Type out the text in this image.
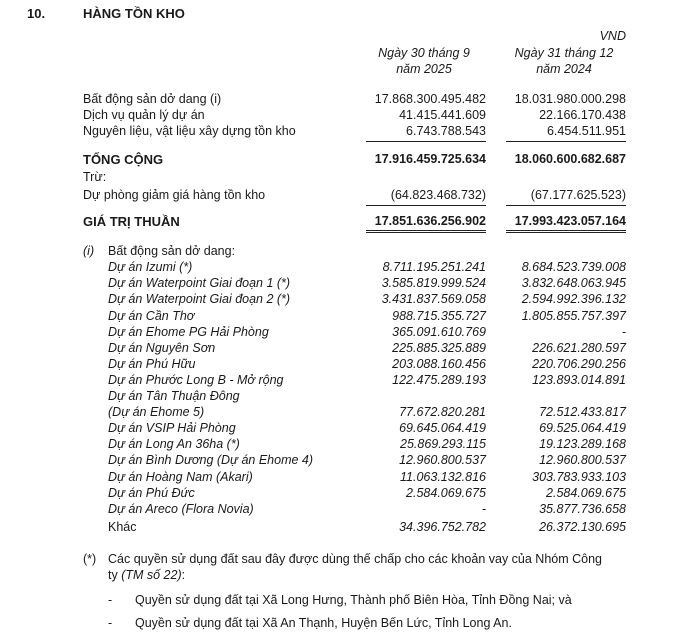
10.	HÀNG TỒN KHO
VND
Ngày 30 tháng 9
năm 2025
Ngày 31 tháng 12
năm 2024
Bất động sản dở dang (i)	17.868.300.495.482 18.031.980.000.298
Dịch vụ quản lý dự án	41.415.441.609	22.166.170.438
Nguyên liệu, vật liệu xây dựng tồn kho	6.743.788.543	6.454.511.951
TỔNG CỘNG	17.916.459.725.634 18.060.600.682.687
Trừ:
Dự phòng giảm giá hàng tồn kho	(64.823.468.732)	(67.177.625.523)
GIÁ TRỊ THUẦN	17.851.636.256.902 17.993.423.057.164
(i) Bất động sản dở dang:
Dự án Izumi (*)	8.711.195.251.241	8.684.523.739.008
Dự án Waterpoint Giai đoạn 1 (*)	3.585.819.999.524	3.832.648.063.945
Dự án Waterpoint Giai đoạn 2 (*)	3.431.837.569.058	2.594.992.396.132
Dự án Cần Thơ	988.715.355.727	1.805.855.757.397
Dự án Ehome PG Hải Phòng	365.091.610.769	-
Dự án Nguyên Sơn	225.885.325.889	226.621.280.597
Dự án Phú Hữu	203.088.160.456	220.706.290.256
Dự án Phước Long B - Mở rộng	122.475.289.193	123.893.014.891
Dự án Tân Thuận Đông
(Dự án Ehome 5)	77.672.820.281	72.512.433.817
Dự án VSIP Hải Phòng	69.645.064.419	69.525.064.419
Dự án Long An 36ha (*)	25.869.293.115	19.123.289.168
Dự án Bình Dương (Dự án Ehome 4)	12.960.800.537	12.960.800.537
Dự án Hoàng Nam (Akari)	11.063.132.816	303.783.933.103
Dự án Phú Đức	2.584.069.675	2.584.069.675
Dự án Areco (Flora Novia)	-	35.877.736.658
Khác	34.396.752.782	26.372.130.695
(*) Các quyền sử dụng đất sau đây được dùng thế chấp cho các khoản vay của Nhóm Công
ty (TM số 22):
- Quyền sử dụng đất tại Xã Long Hưng, Thành phố Biên Hòa, Tỉnh Đồng Nai; và
- Quyền sử dụng đất tại Xã An Thạnh, Huyện Bến Lức, Tỉnh Long An.
